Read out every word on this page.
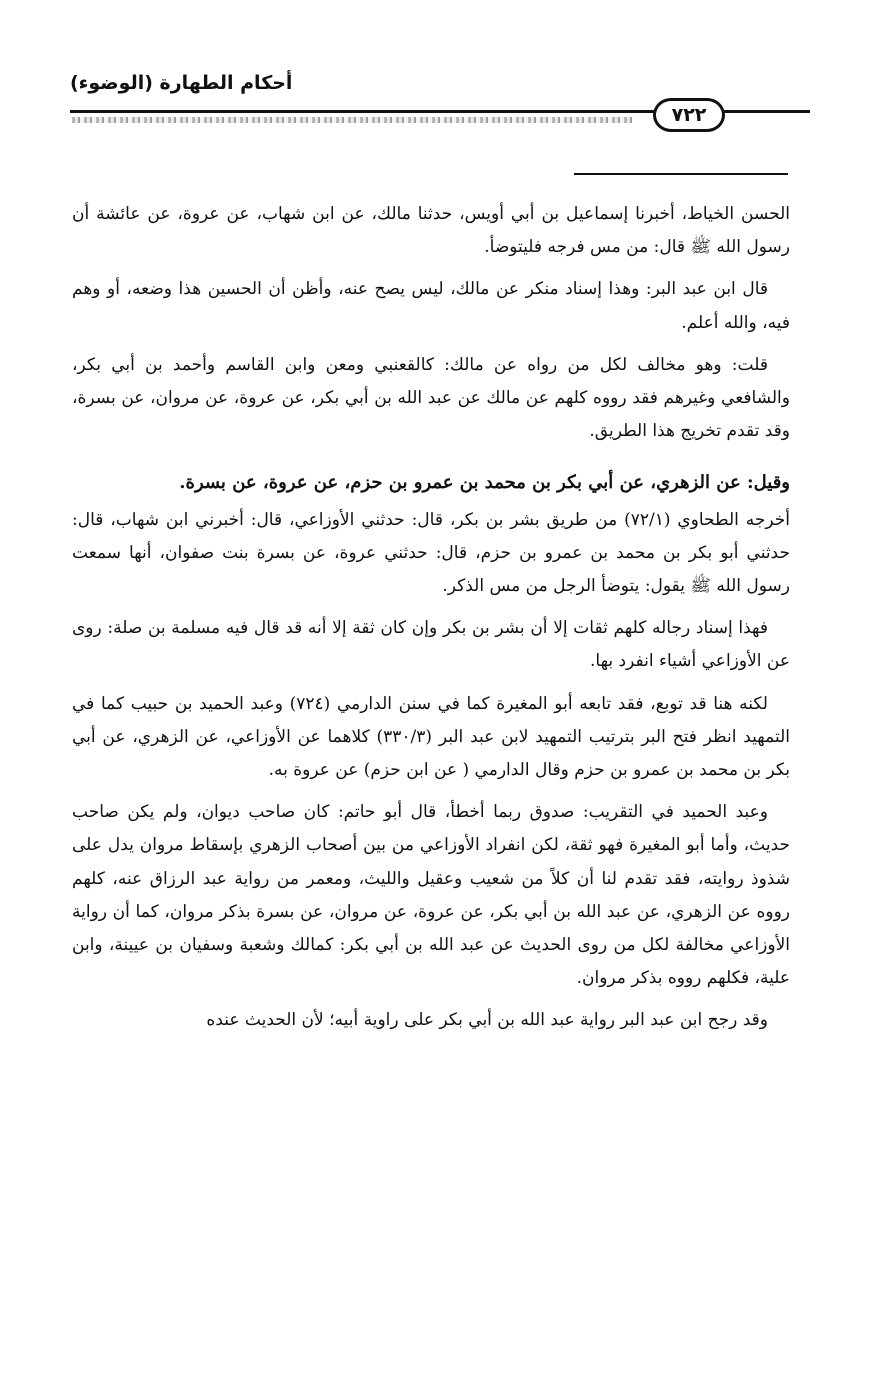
أحكام الطهارة (الوضوء)
٧٢٢

الحسن الخياط، أخبرنا إسماعيل بن أبي أويس، حدثنا مالك، عن ابن شهاب، عن عروة، عن عائشة أن رسول الله ﷺ قال: من مس فرجه فليتوضأ.

قال ابن عبد البر: وهذا إسناد منكر عن مالك، ليس يصح عنه، وأظن أن الحسين هذا وضعه، أو وهم فيه، والله أعلم.

قلت: وهو مخالف لكل من رواه عن مالك: كالقعنبي ومعن وابن القاسم وأحمد بن أبي بكر، والشافعي وغيرهم فقد رووه كلهم عن مالك عن عبد الله بن أبي بكر، عن عروة، عن مروان، عن بسرة، وقد تقدم تخريج هذا الطريق.

وقيل: عن الزهري، عن أبي بكر بن محمد بن عمرو بن حزم، عن عروة، عن بسرة.

أخرجه الطحاوي (٧٢/١) من طريق بشر بن بكر، قال: حدثني الأوزاعي، قال: أخبرني ابن شهاب، قال: حدثني أبو بكر بن محمد بن عمرو بن حزم، قال: حدثني عروة، عن بسرة بنت صفوان، أنها سمعت رسول الله ﷺ يقول: يتوضأ الرجل من مس الذكر.

فهذا إسناد رجاله كلهم ثقات إلا أن بشر بن بكر وإن كان ثقة إلا أنه قد قال فيه مسلمة بن صلة: روى عن الأوزاعي أشياء انفرد بها.

لكنه هنا قد توبع، فقد تابعه أبو المغيرة كما في سنن الدارمي (٧٢٤) وعبد الحميد بن حبيب كما في التمهيد انظر فتح البر بترتيب التمهيد لابن عبد البر (٣٣٠/٣) كلاهما عن الأوزاعي، عن الزهري، عن أبي بكر بن محمد بن عمرو بن حزم وقال الدارمي ( عن ابن حزم) عن عروة به.

وعبد الحميد في التقريب: صدوق ربما أخطأ، قال أبو حاتم: كان صاحب ديوان، ولم يكن صاحب حديث، وأما أبو المغيرة فهو ثقة، لكن انفراد الأوزاعي من بين أصحاب الزهري بإسقاط مروان يدل على شذوذ روايته، فقد تقدم لنا أن كلاً من شعيب وعقيل والليث، ومعمر من رواية عبد الرزاق عنه، كلهم رووه عن الزهري، عن عبد الله بن أبي بكر، عن عروة، عن مروان، عن بسرة بذكر مروان، كما أن رواية الأوزاعي مخالفة لكل من روى الحديث عن عبد الله بن أبي بكر: كمالك وشعبة وسفيان بن عيينة، وابن علية، فكلهم رووه بذكر مروان.

وقد رجح ابن عبد البر رواية عبد الله بن أبي بكر على راوية أبيه؛ لأن الحديث عنده
